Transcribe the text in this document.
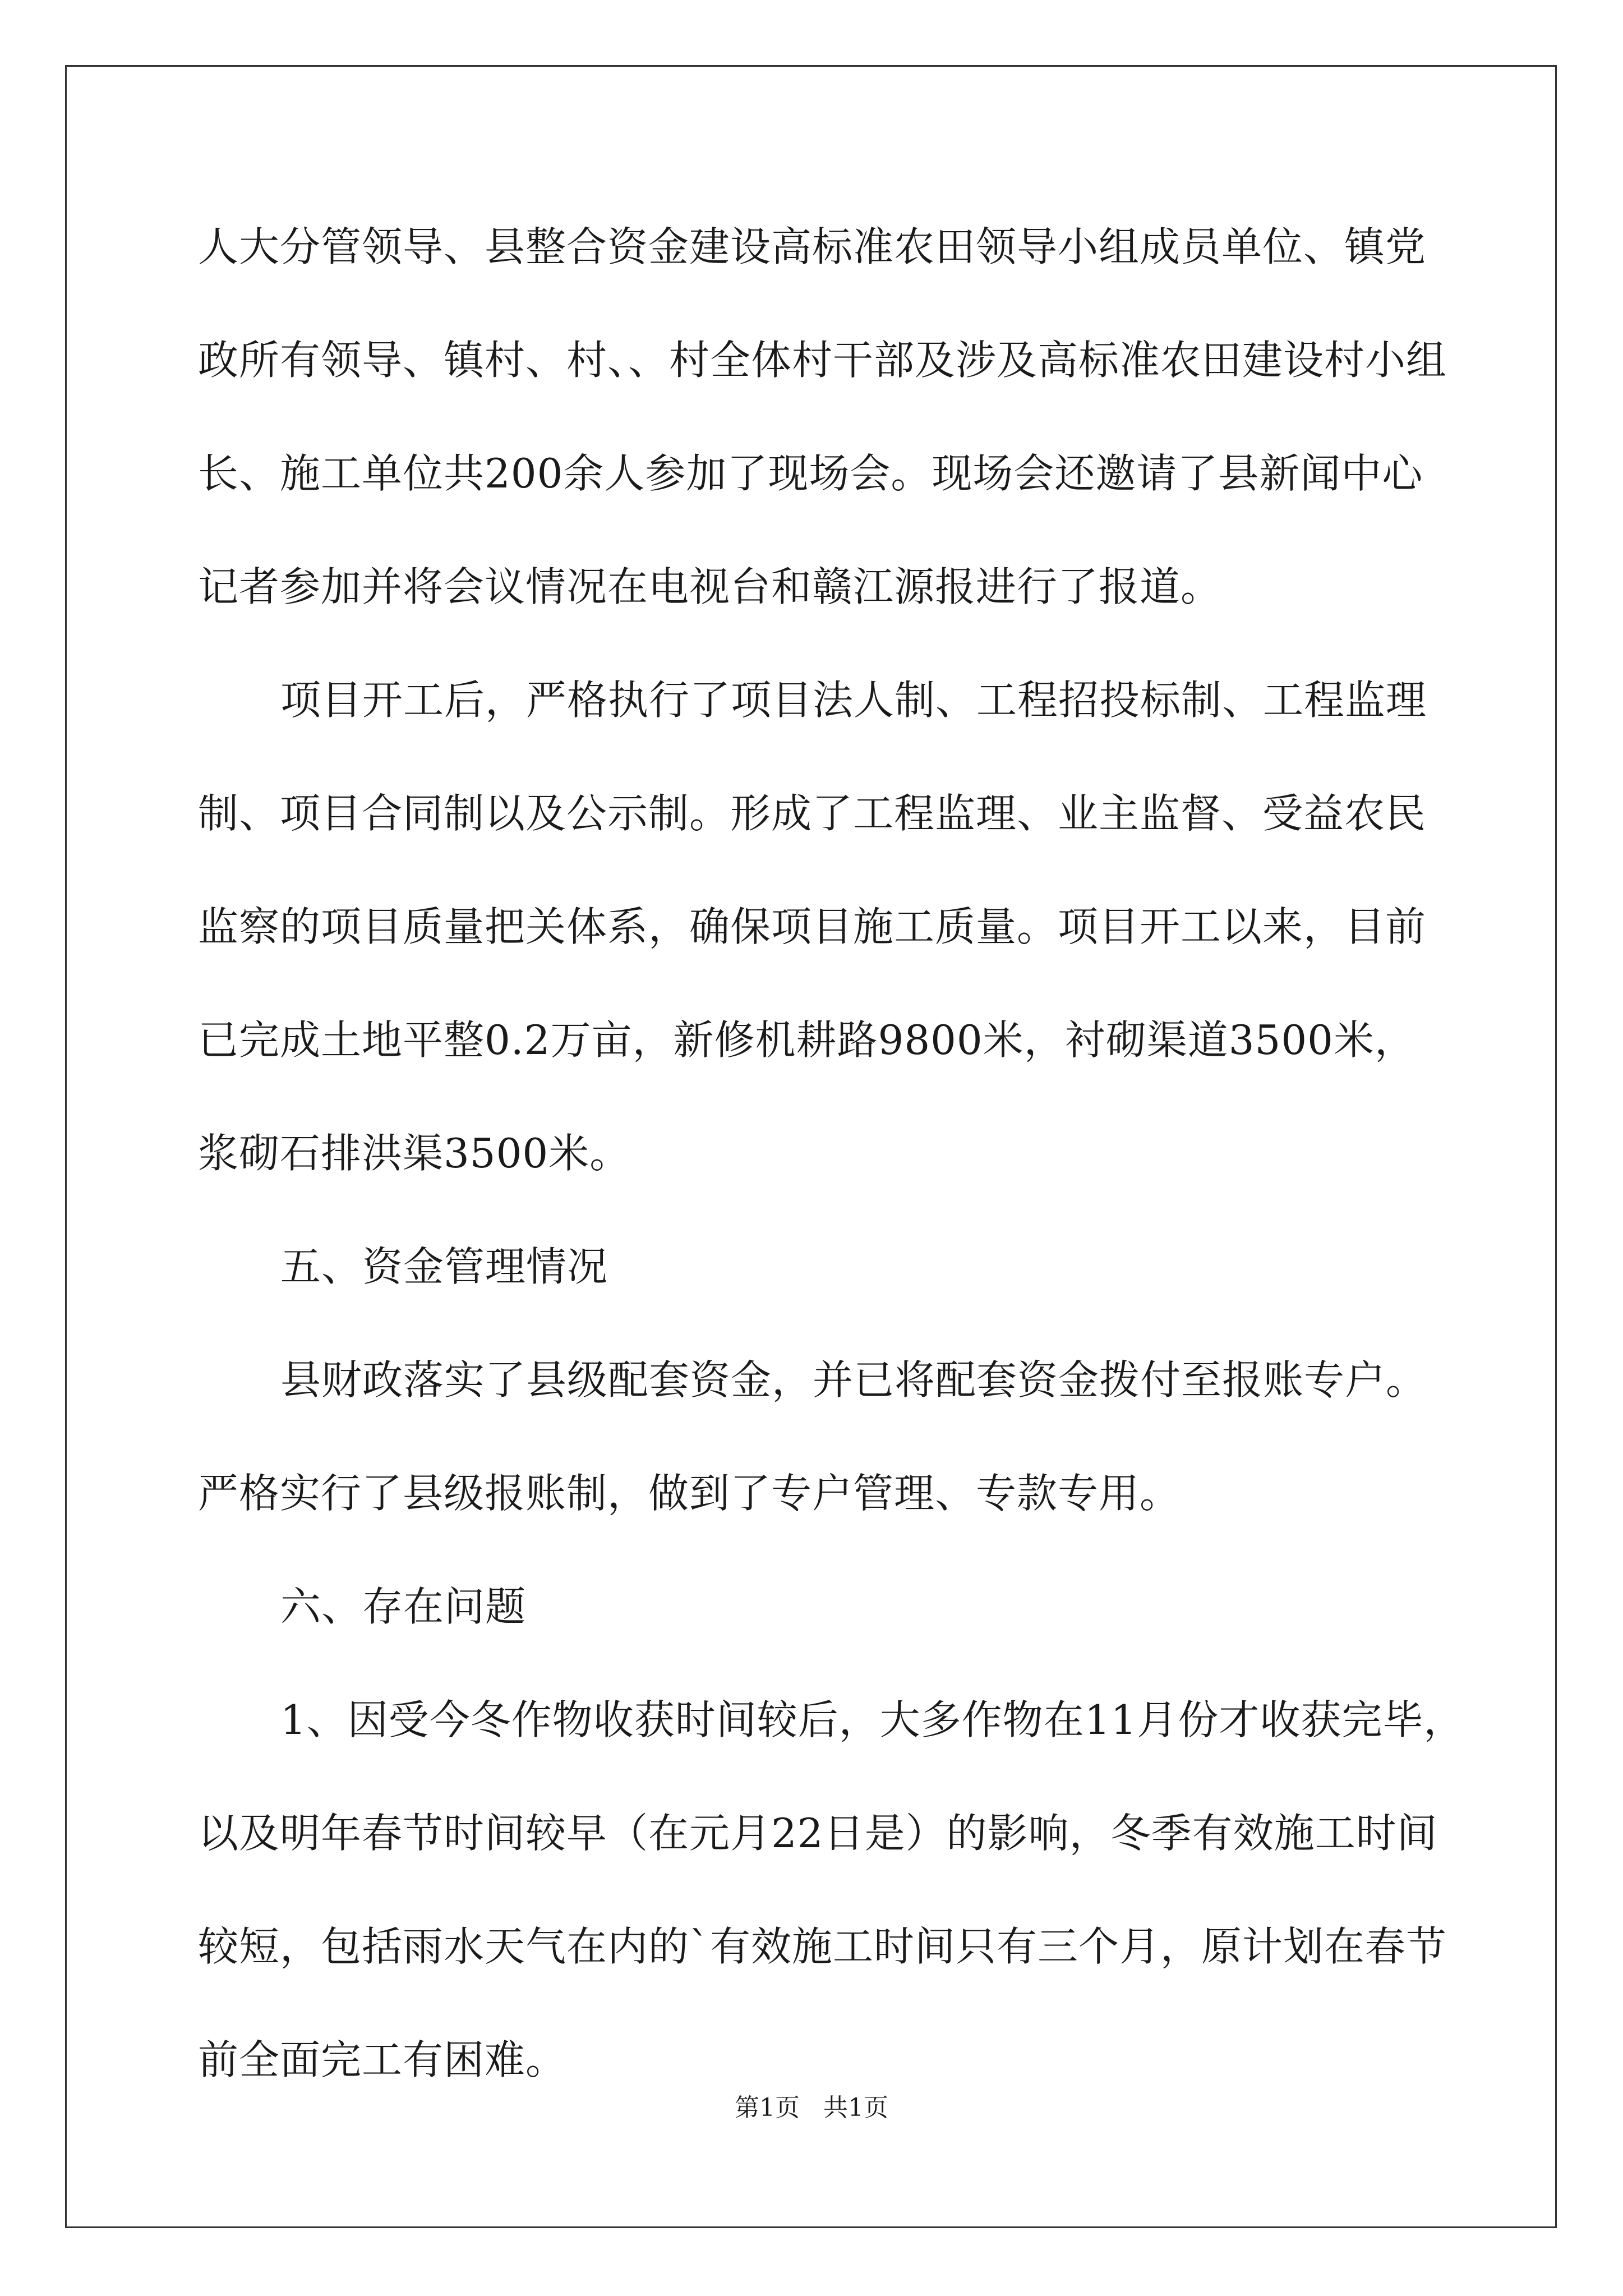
人大分管领导、县整合资金建设高标准农田领导小组成员单位、镇党
政所有领导、镇村、村、、村全体村干部及涉及高标准农田建设村小组
长、施工单位共200余人参加了现场会。现场会还邀请了县新闻中心
记者参加并将会议情况在电视台和赣江源报进行了报道。
项目开工后，严格执行了项目法人制、工程招投标制、工程监理
制、项目合同制以及公示制。形成了工程监理、业主监督、受益农民
监察的项目质量把关体系，确保项目施工质量。项目开工以来，目前
已完成土地平整0.2万亩，新修机耕路9800米，衬砌渠道3500米，
浆砌石排洪渠3500米。
五、资金管理情况
县财政落实了县级配套资金，并已将配套资金拨付至报账专户。
严格实行了县级报账制，做到了专户管理、专款专用。
六、存在问题
1、因受今冬作物收获时间较后，大多作物在11月份才收获完毕，
以及明年春节时间较早（在元月22日是）的影响，冬季有效施工时间
较短，包括雨水天气在内的`有效施工时间只有三个月，原计划在春节
前全面完工有困难。
第1页   共1页
